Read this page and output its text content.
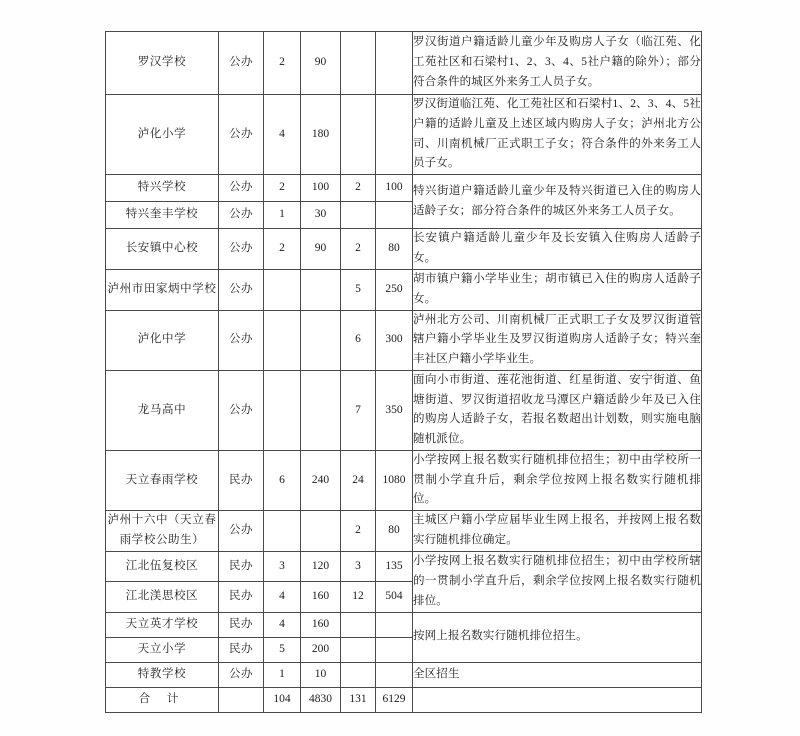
罗汉学校	公办	2	90			罗汉街道户籍适龄儿童少年及购房人子女（临江苑、化工苑社区和石梁村1、2、3、4、5社户籍的除外）；部分符合条件的城区外来务工人员子女。
泸化小学	公办	4	180			罗汉街道临江苑、化工苑社区和石梁村1、2、3、4、5社户籍的适龄儿童及上述区域内购房人子女；泸州北方公司、川南机械厂正式职工子女；符合条件的外来务工人员子女。
特兴学校	公办	2	100	2	100	特兴街道户籍适龄儿童少年及特兴街道已入住的购房人适龄子女；部分符合条件的城区外来务工人员子女。
特兴奎丰学校	公办	1	30			
长安镇中心校	公办	2	90	2	80	长安镇户籍适龄儿童少年及长安镇入住购房人适龄子女。
泸州市田家炳中学校	公办			5	250	胡市镇户籍小学毕业生；胡市镇已入住的购房人适龄子女。
泸化中学	公办			6	300	泸州北方公司、川南机械厂正式职工子女及罗汉街道管辖户籍小学毕业生及罗汉街道购房人适龄子女；特兴奎丰社区户籍小学毕业生。
龙马高中	公办			7	350	面向小市街道、莲花池街道、红星街道、安宁街道、鱼塘街道、罗汉街道招收龙马潭区户籍适龄少年及已入住的购房人适龄子女，若报名数超出计划数，则实施电脑随机派位。
天立春雨学校	民办	6	240	24	1080	小学按网上报名数实行随机排位招生；初中由学校所一贯制小学直升后，剩余学位按网上报名数实行随机排位。
泸州十六中（天立春雨学校公助生）	公办			2	80	主城区户籍小学应届毕业生网上报名，并按网上报名数实行随机排位确定。
江北伍复校区	民办	3	120	3	135	小学按网上报名数实行随机排位招生；初中由学校所辖的一贯制小学直升后，剩余学位按网上报名数实行随机排位。
江北渼思校区	民办	4	160	12	504	
天立英才学校	民办	4	160			按网上报名数实行随机排位招生。
天立小学	民办	5	200			
特教学校	公办	1	10			全区招生
合 计		104	4830	131	6129	
